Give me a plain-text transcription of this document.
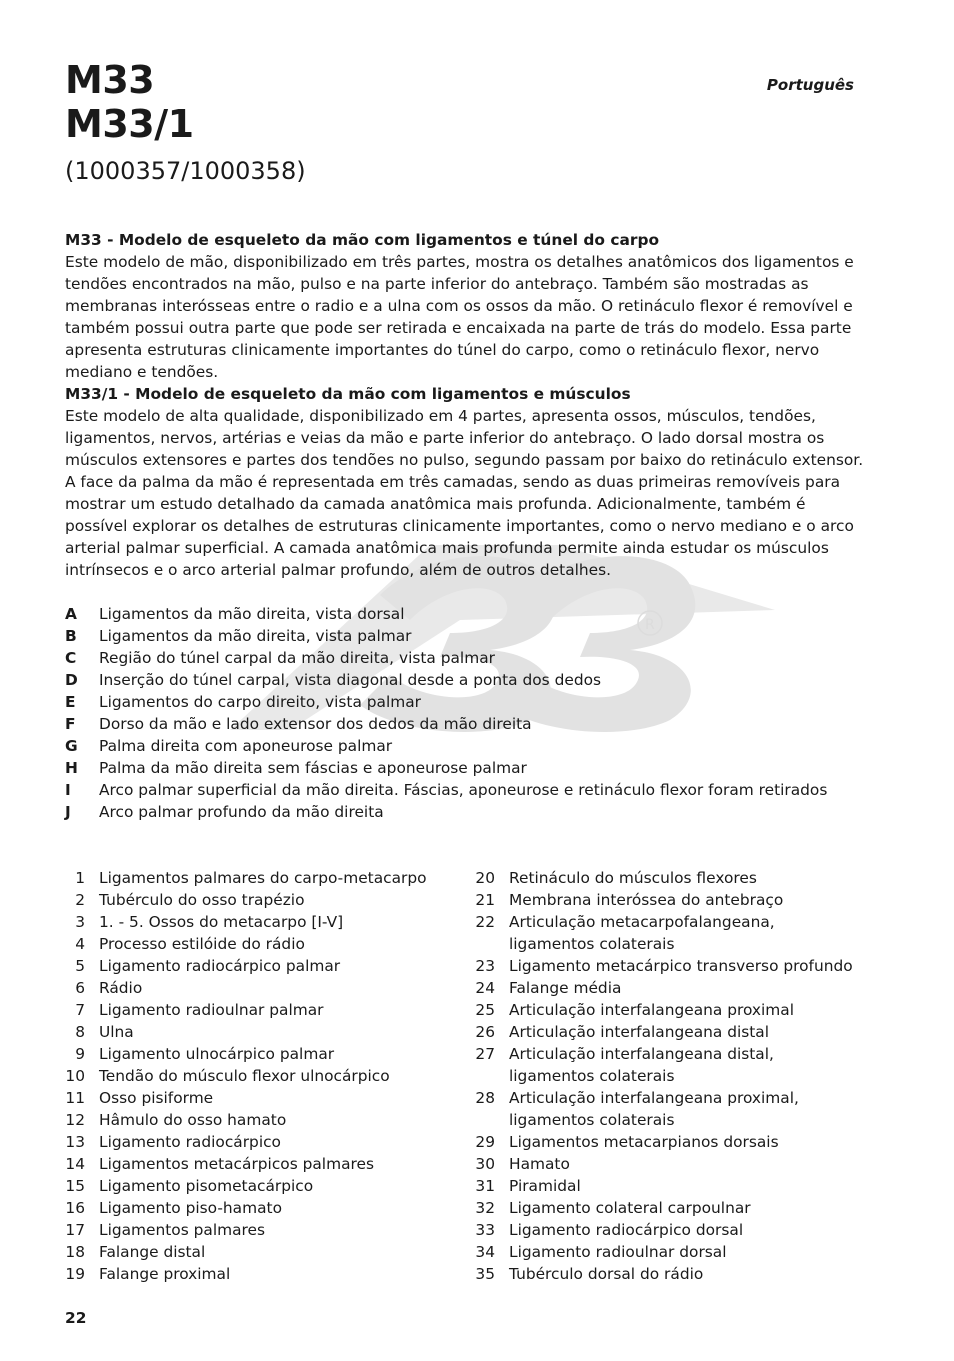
R
M33
M33/1
(1000357/1000358)
Português
M33 - Modelo de esqueleto da mão com ligamentos e túnel do carpo

Este modelo de mão, disponibilizado em três partes, mostra os detalhes anatômicos dos ligamentos e tendões encontrados na mão, pulso e na parte inferior do antebraço. Também são mostradas as membranas interósseas entre o radio e a ulna com os ossos da mão. O retináculo flexor é removível e também possui outra parte que pode ser retirada e encaixada na parte de trás do modelo. Essa parte apresenta estruturas clinicamente importantes do túnel do carpo, como o retináculo flexor, nervo mediano e tendões.

M33/1 - Modelo de esqueleto da mão com ligamentos e músculos

Este modelo de alta qualidade, disponibilizado em 4 partes, apresenta ossos, músculos, tendões, ligamentos, nervos, artérias e veias da mão e parte inferior do antebraço. O lado dorsal mostra os músculos extensores e partes dos tendões no pulso, segundo passam por baixo do retináculo extensor. A face da palma da mão é representada em três camadas, sendo as duas primeiras removíveis para mostrar um estudo detalhado da camada anatômica mais profunda. Adicionalmente, também é possível explorar os detalhes de estruturas clinicamente importantes, como o nervo mediano e o arco arterial palmar superficial. A camada anatômica mais profunda permite ainda estudar os músculos intrínsecos e o arco arterial palmar profundo, além de outros detalhes.

A	Ligamentos da mão direita, vista dorsal
B	Ligamentos da mão direita, vista palmar
C	Região do túnel carpal da mão direita, vista palmar
D	Inserção do túnel carpal, vista diagonal desde a ponta dos dedos
E	Ligamentos do carpo direito, vista palmar
F	Dorso da mão e lado extensor dos dedos da mão direita
G	Palma direita com aponeurose palmar
H	Palma da mão direita sem fáscias e aponeurose palmar
I	Arco palmar superficial da mão direita. Fáscias, aponeurose e retináculo flexor foram retirados
J	Arco palmar profundo da mão direita
1 Ligamentos palmares do carpo-metacarpo
2 Tubérculo do osso trapézio
3 1. - 5. Ossos do metacarpo [I-V]
4 Processo estilóide do rádio
5 Ligamento radiocárpico palmar
6 Rádio
7 Ligamento radioulnar palmar
8 Ulna
9 Ligamento ulnocárpico palmar
10 Tendão do músculo flexor ulnocárpico
11 Osso pisiforme
12 Hâmulo do osso hamato
13 Ligamento radiocárpico
14 Ligamentos metacárpicos palmares
15 Ligamento pisometacárpico
16 Ligamento piso-hamato
17 Ligamentos palmares
18 Falange distal
19 Falange proximal
20 Retináculo do músculos flexores
21 Membrana interóssea do antebraço
22 Articulação metacarpofalangeana,
ligamentos colaterais
23 Ligamento metacárpico transverso profundo
24 Falange média
25 Articulação interfalangeana proximal
26 Articulação interfalangeana distal
27 Articulação interfalangeana distal,
ligamentos colaterais
28 Articulação interfalangeana proximal,
ligamentos colaterais
29 Ligamentos metacarpianos dorsais
30 Hamato
31 Piramidal
32 Ligamento colateral carpoulnar
33 Ligamento radiocárpico dorsal
34 Ligamento radioulnar dorsal
35 Tubérculo dorsal do rádio
22
